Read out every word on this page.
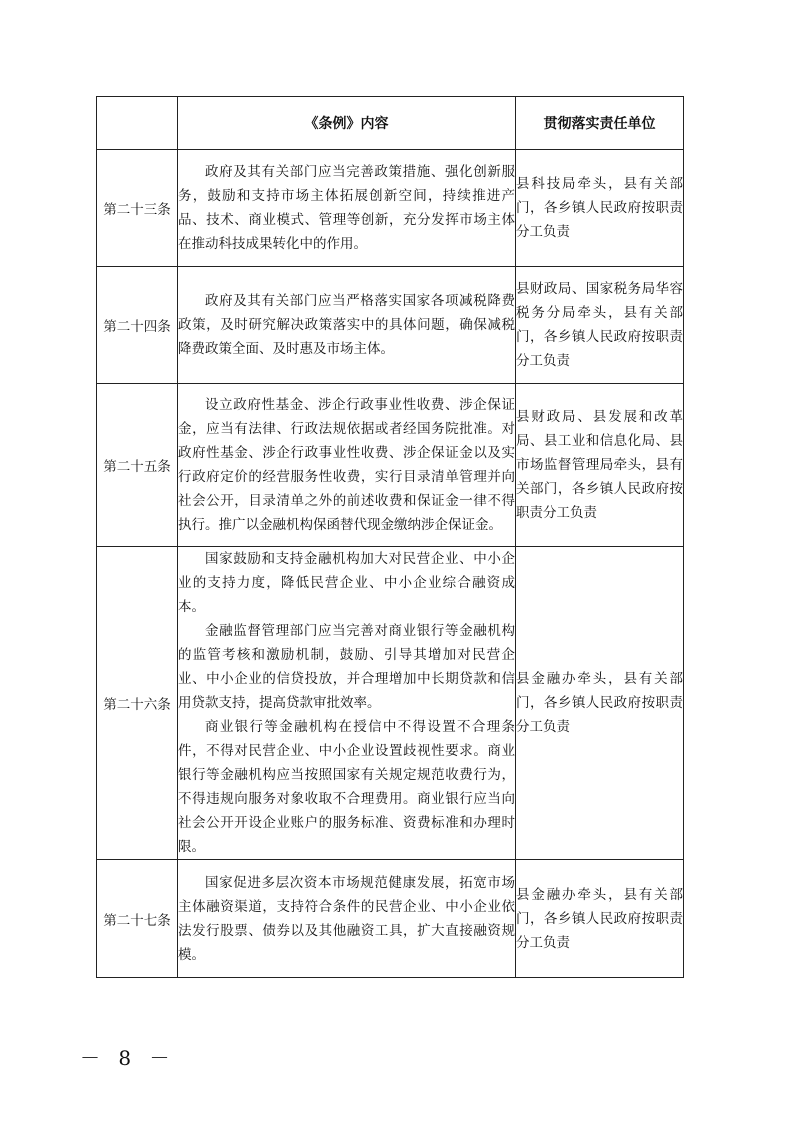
	《条例》内容	贯彻落实责任单位
第二十三条	政府及其有关部门应当完善政策措施、强化创新服务，鼓励和支持市场主体拓展创新空间，持续推进产品、技术、商业模式、管理等创新，充分发挥市场主体在推动科技成果转化中的作用。	县科技局牵头，县有关部门，各乡镇人民政府按职责分工负责
第二十四条	政府及其有关部门应当严格落实国家各项减税降费政策，及时研究解决政策落实中的具体问题，确保减税降费政策全面、及时惠及市场主体。	县财政局、国家税务局华容税务分局牵头，县有关部门，各乡镇人民政府按职责分工负责
第二十五条	设立政府性基金、涉企行政事业性收费、涉企保证金，应当有法律、行政法规依据或者经国务院批准。对政府性基金、涉企行政事业性收费、涉企保证金以及实行政府定价的经营服务性收费，实行目录清单管理并向社会公开，目录清单之外的前述收费和保证金一律不得执行。推广以金融机构保函替代现金缴纳涉企保证金。	县财政局、县发展和改革局、县工业和信息化局、县市场监督管理局牵头，县有关部门，各乡镇人民政府按职责分工负责
第二十六条	国家鼓励和支持金融机构加大对民营企业、中小企业的支持力度，降低民营企业、中小企业综合融资成本。

金融监督管理部门应当完善对商业银行等金融机构的监管考核和激励机制，鼓励、引导其增加对民营企业、中小企业的信贷投放，并合理增加中长期贷款和信用贷款支持，提高贷款审批效率。

商业银行等金融机构在授信中不得设置不合理条件，不得对民营企业、中小企业设置歧视性要求。商业银行等金融机构应当按照国家有关规定规范收费行为，不得违规向服务对象收取不合理费用。商业银行应当向社会公开开设企业账户的服务标准、资费标准和办理时限。	县金融办牵头，县有关部门，各乡镇人民政府按职责分工负责
第二十七条	国家促进多层次资本市场规范健康发展，拓宽市场主体融资渠道，支持符合条件的民营企业、中小企业依法发行股票、债券以及其他融资工具，扩大直接融资规模。	县金融办牵头，县有关部门，各乡镇人民政府按职责分工负责
－ 8 －
